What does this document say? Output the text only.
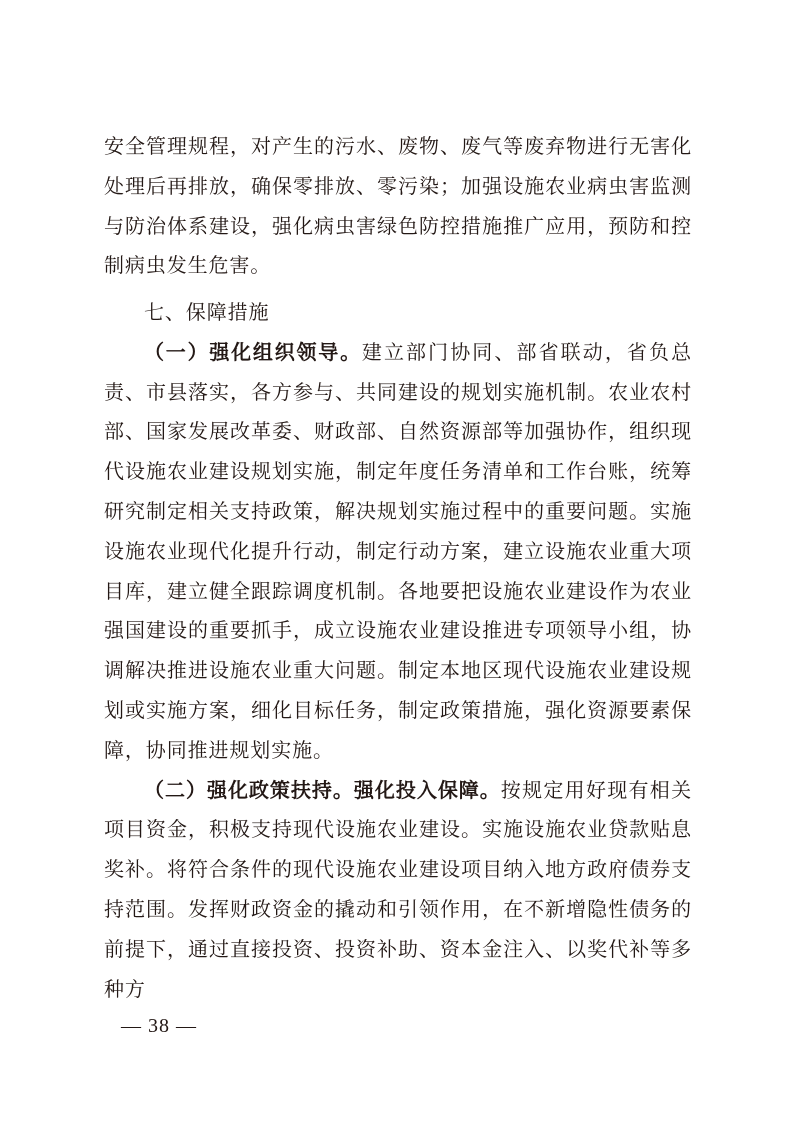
安全管理规程，对产生的污水、废物、废气等废弃物进行无害化处理后再排放，确保零排放、零污染；加强设施农业病虫害监测与防治体系建设，强化病虫害绿色防控措施推广应用，预防和控制病虫发生危害。

七、保障措施

（一）强化组织领导。建立部门协同、部省联动，省负总责、市县落实，各方参与、共同建设的规划实施机制。农业农村部、国家发展改革委、财政部、自然资源部等加强协作，组织现代设施农业建设规划实施，制定年度任务清单和工作台账，统筹研究制定相关支持政策，解决规划实施过程中的重要问题。实施设施农业现代化提升行动，制定行动方案，建立设施农业重大项目库，建立健全跟踪调度机制。各地要把设施农业建设作为农业强国建设的重要抓手，成立设施农业建设推进专项领导小组，协调解决推进设施农业重大问题。制定本地区现代设施农业建设规划或实施方案，细化目标任务，制定政策措施，强化资源要素保障，协同推进规划实施。

（二）强化政策扶持。强化投入保障。按规定用好现有相关项目资金，积极支持现代设施农业建设。实施设施农业贷款贴息奖补。将符合条件的现代设施农业建设项目纳入地方政府债券支持范围。发挥财政资金的撬动和引领作用，在不新增隐性债务的前提下，通过直接投资、投资补助、资本金注入、以奖代补等多种方

— 38 —
